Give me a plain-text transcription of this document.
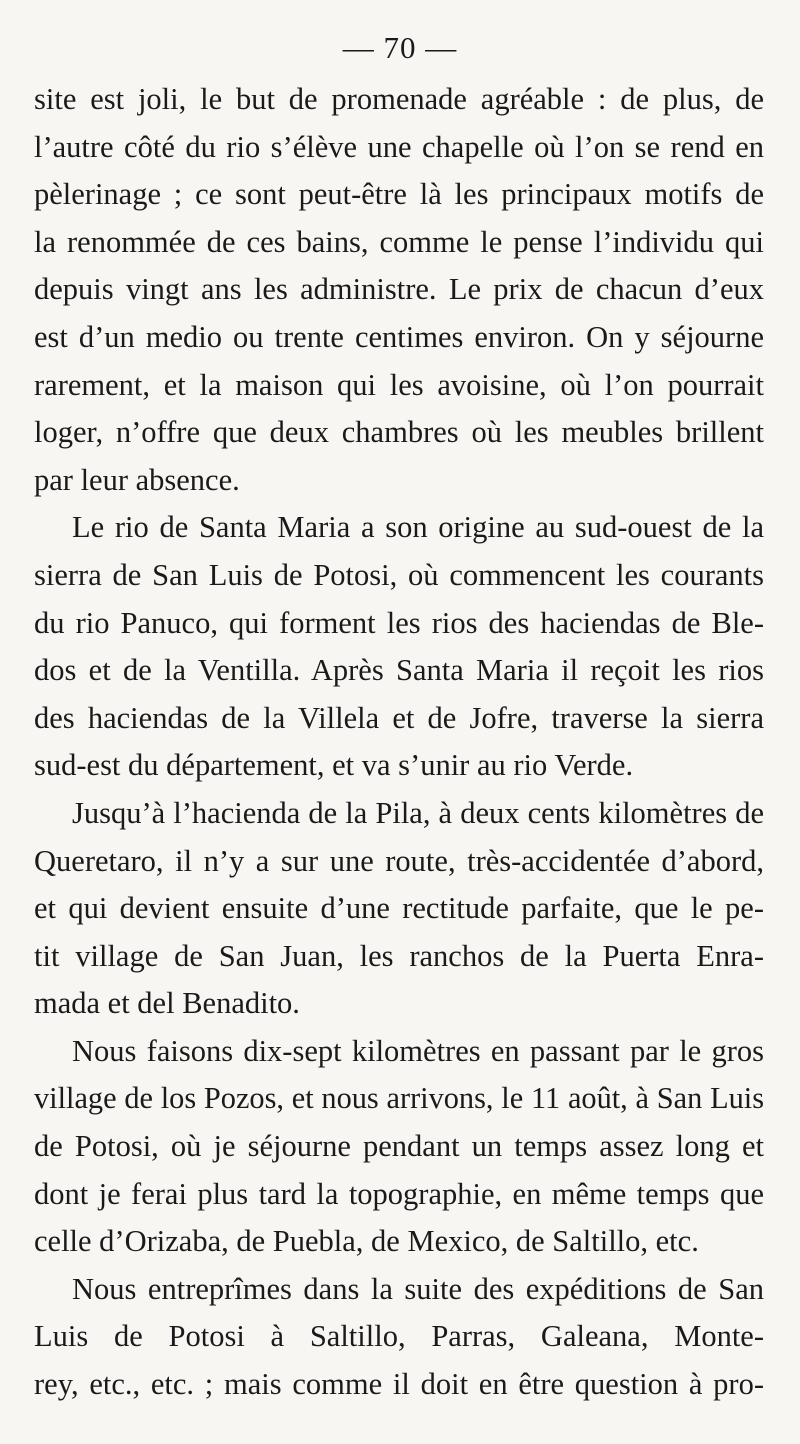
— 70 —
site est joli, le but de promenade agréable : de plus, de
l’autre côté du rio s’élève une chapelle où l’on se rend en
pèlerinage ; ce sont peut-être là les principaux motifs de
la renommée de ces bains, comme le pense l’individu qui
depuis vingt ans les administre. Le prix de chacun d’eux
est d’un medio ou trente centimes environ. On y séjourne
rarement, et la maison qui les avoisine, où l’on pourrait
loger, n’offre que deux chambres où les meubles brillent
par leur absence.
Le rio de Santa Maria a son origine au sud-ouest de la
sierra de San Luis de Potosi, où commencent les courants
du rio Panuco, qui forment les rios des haciendas de Ble-
dos et de la Ventilla. Après Santa Maria il reçoit les rios
des haciendas de la Villela et de Jofre, traverse la sierra
sud-est du département, et va s’unir au rio Verde.
Jusqu’à l’hacienda de la Pila, à deux cents kilomètres de
Queretaro, il n’y a sur une route, très-accidentée d’abord,
et qui devient ensuite d’une rectitude parfaite, que le pe-
tit village de San Juan, les ranchos de la Puerta Enra-
mada et del Benadito.
Nous faisons dix-sept kilomètres en passant par le gros
village de los Pozos, et nous arrivons, le 11 août, à San Luis
de Potosi, où je séjourne pendant un temps assez long et
dont je ferai plus tard la topographie, en même temps que
celle d’Orizaba, de Puebla, de Mexico, de Saltillo, etc.
Nous entreprîmes dans la suite des expéditions de San
Luis de Potosi à Saltillo, Parras, Galeana, Monte-
rey, etc., etc. ; mais comme il doit en être question à pro-
